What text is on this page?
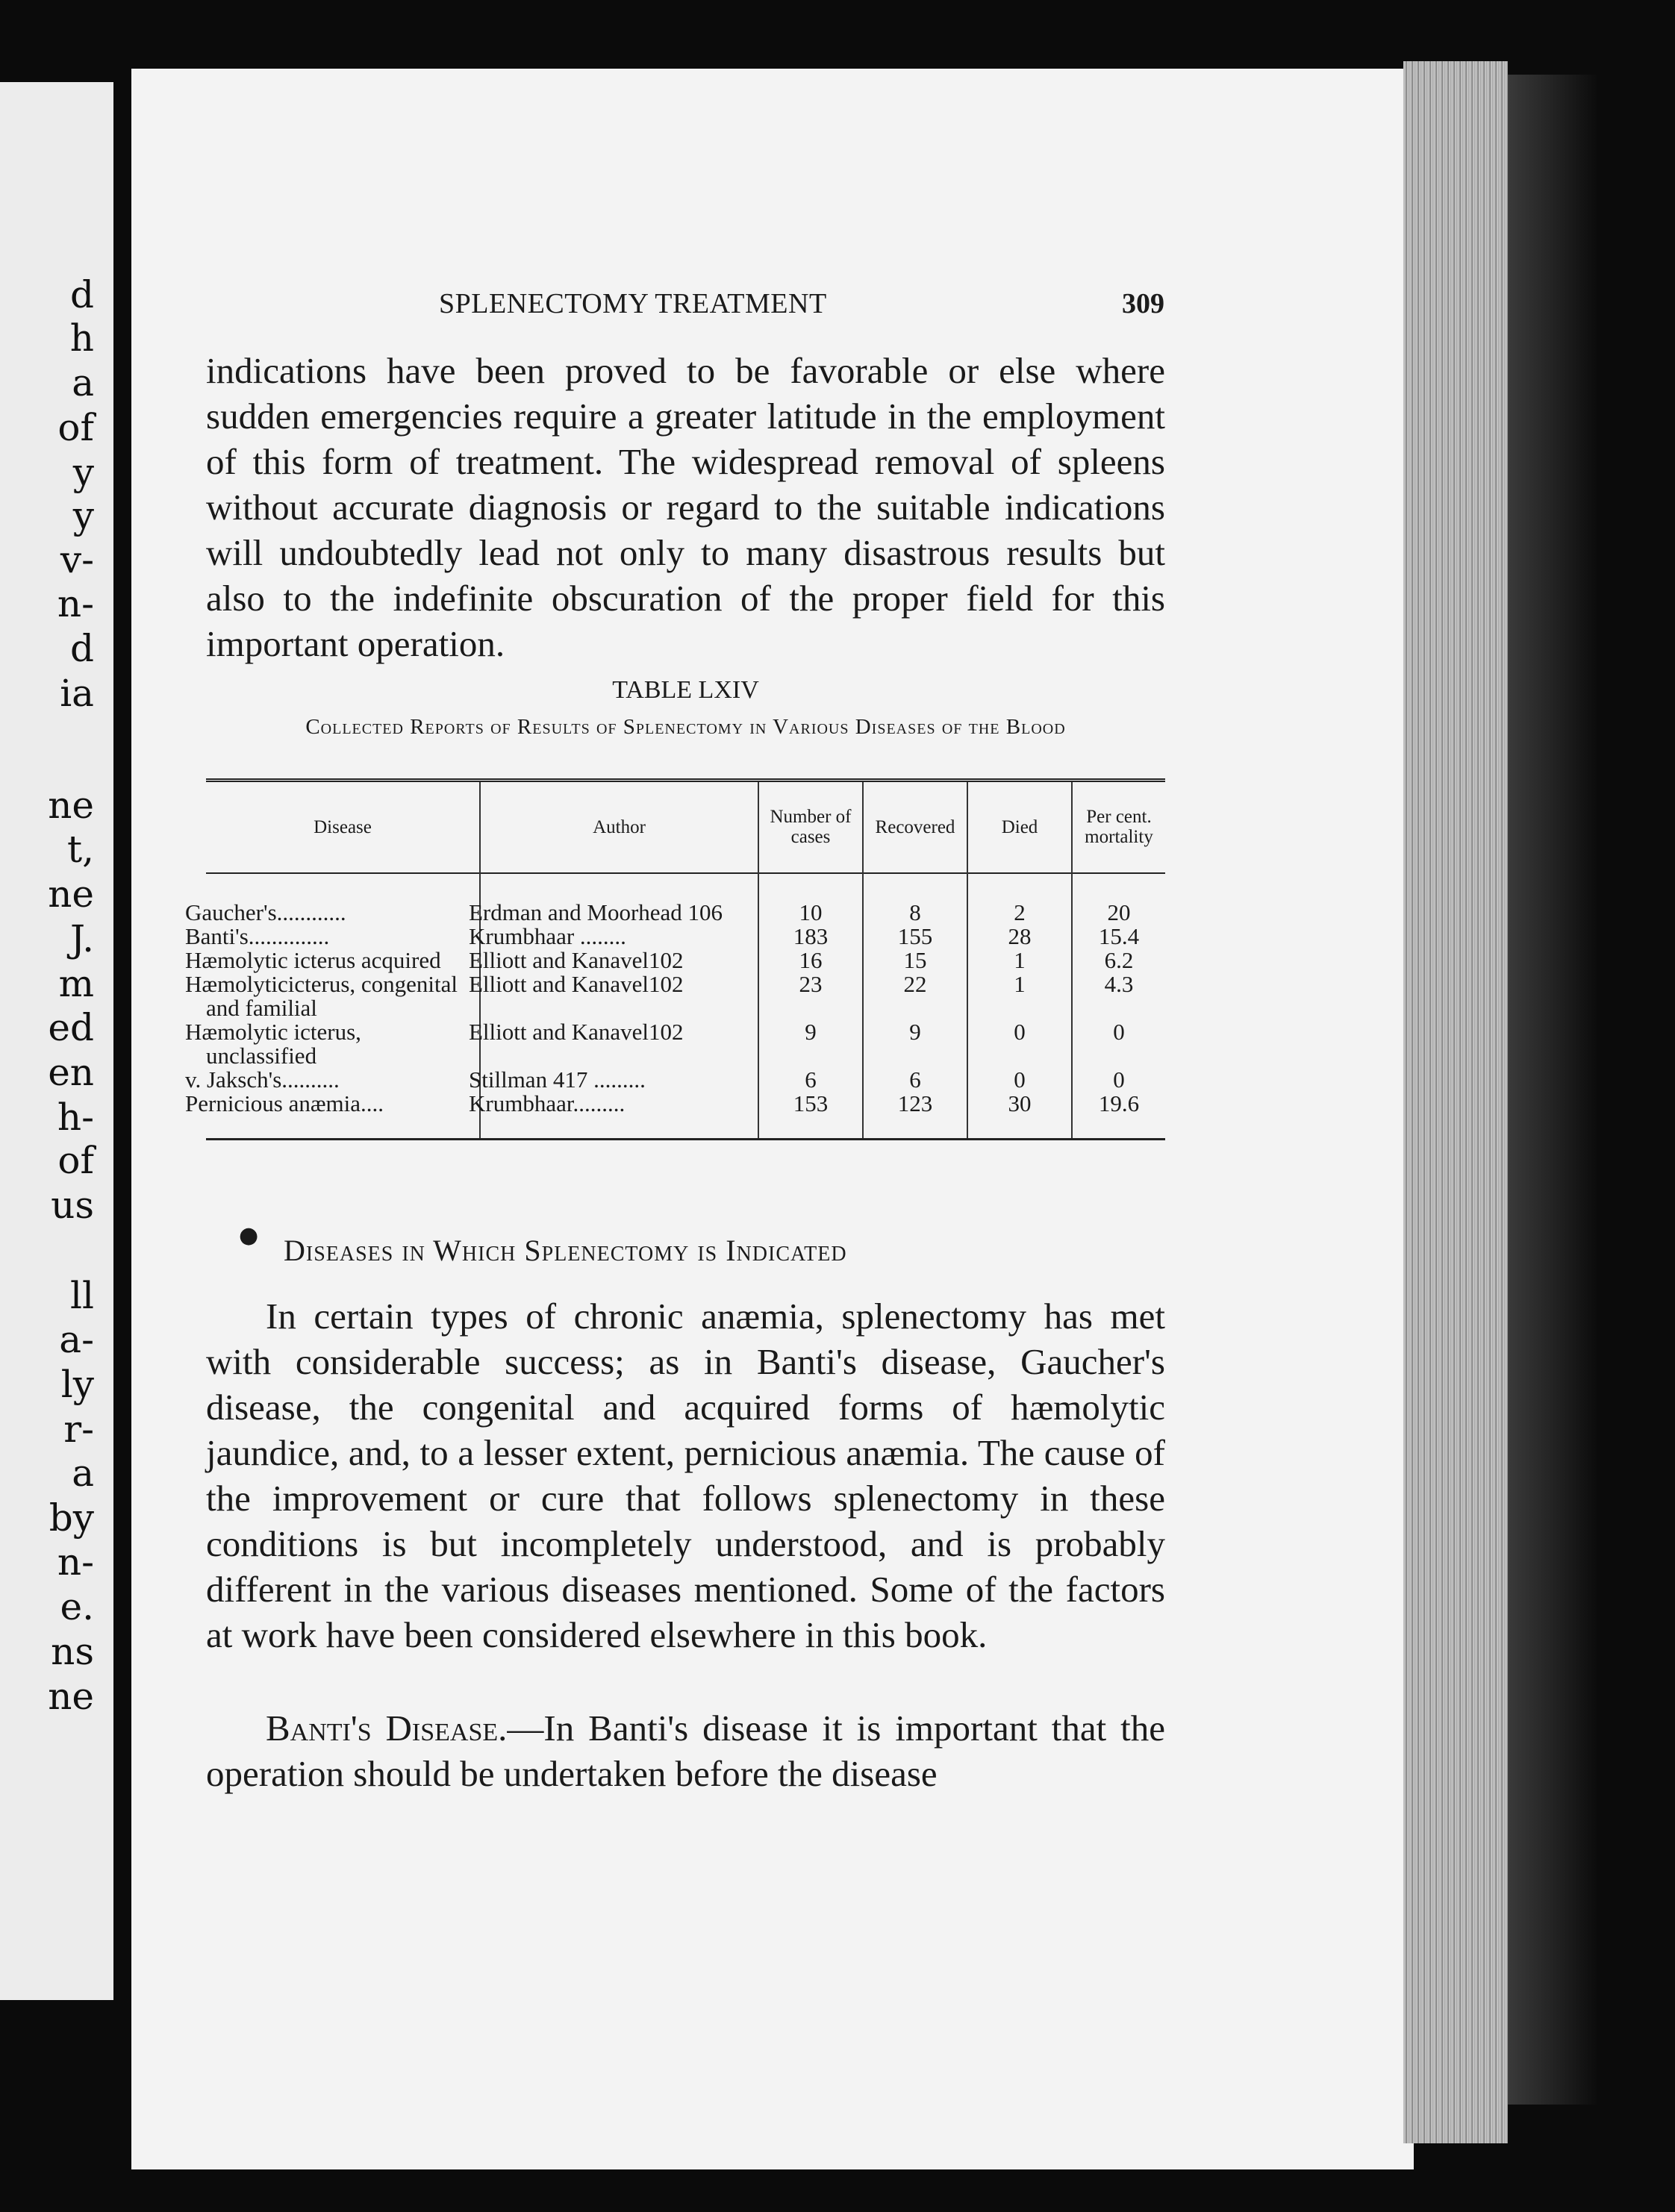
d
h
a
of
y
y
v-
n-
d
ia
ne
t,
ne
J.
m
ed
en
h-
of
us
ll
a-
ly
r-
a
by
n-
e.
ns
ne
SPLENECTOMY TREATMENT	309
indications have been proved to be favorable or else where sudden emergencies require a greater latitude in the employment of this form of treatment. The widespread removal of spleens without accurate diagnosis or regard to the suitable indications will undoubtedly lead not only to many disastrous results but also to the indefinite obscuration of the proper field for this important operation.
TABLE LXIV
Collected Reports of Results of Splenectomy in Various Diseases of the Blood
Disease	Author	Number of cases	Recovered	Died	Per cent. mortality
Gaucher's............	Erdman and Moorhead 106	10	8	2	20
Banti's..............	Krumbhaar ........	183	155	28	15.4
Hæmolytic icterus acquired	Elliott and Kanavel102	16	15	1	6.2
Hæmolyticicterus, congenital and familial	Elliott and Kanavel102	23	22	1	4.3
Hæmolytic icterus, unclassified	Elliott and Kanavel102	9	9	0	0
v. Jaksch's..........	Stillman 417 .........	6	6	0	0
Pernicious anæmia....	Krumbhaar.........	153	123	30	19.6
● Diseases in Which Splenectomy is Indicated
In certain types of chronic anæmia, splenectomy has met with considerable success; as in Banti's disease, Gaucher's disease, the congenital and acquired forms of hæmolytic jaundice, and, to a lesser extent, pernicious anæmia. The cause of the improvement or cure that follows splenectomy in these conditions is but incompletely understood, and is probably different in the various diseases mentioned. Some of the factors at work have been considered elsewhere in this book.
Banti's Disease.—In Banti's disease it is important that the operation should be undertaken before the disease
